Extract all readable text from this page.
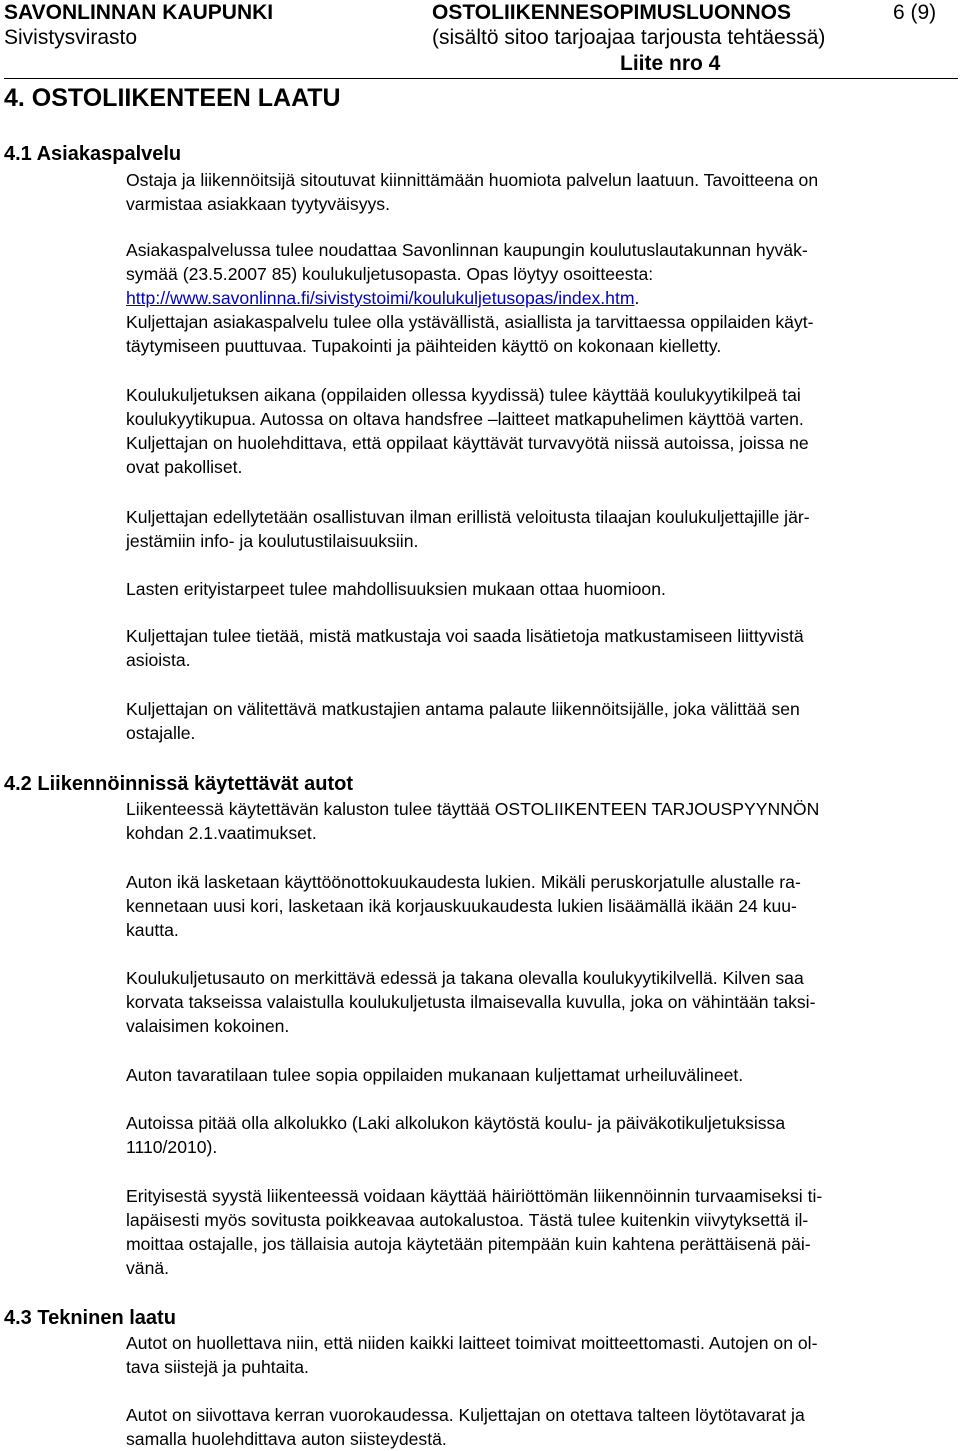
SAVONLINNAN KAUPUNKI
Sivistysvirasto
OSTOLIIKENNESOPIMUSLUONNOS	6 (9)
(sisältö sitoo tarjoajaa tarjousta tehtäessä)
Liite nro 4
4. OSTOLIIKENTEEN LAATU
4.1 Asiakaspalvelu
Ostaja ja liikennöitsijä sitoutuvat kiinnittämään huomiota palvelun laatuun. Tavoitteena on
varmistaa asiakkaan tyytyväisyys.
Asiakaspalvelussa tulee noudattaa Savonlinnan kaupungin koulutuslautakunnan hyväk-
symää (23.5.2007 85) koulukuljetusopasta. Opas löytyy osoitteesta:
http://www.savonlinna.fi/sivistystoimi/koulukuljetusopas/index.htm.
Kuljettajan asiakaspalvelu tulee olla ystävällistä, asiallista ja tarvittaessa oppilaiden käyt-
täytymiseen puuttuvaa. Tupakointi ja päihteiden käyttö on kokonaan kielletty.
Koulukuljetuksen aikana (oppilaiden ollessa kyydissä) tulee käyttää koulukyytikilpeä tai
koulukyytikupua. Autossa on oltava handsfree –laitteet matkapuhelimen käyttöä varten.
Kuljettajan on huolehdittava, että oppilaat käyttävät turvavyötä niissä autoissa, joissa ne
ovat pakolliset.
Kuljettajan edellytetään osallistuvan ilman erillistä veloitusta tilaajan koulukuljettajille jär-
jestämiin info- ja koulutustilaisuuksiin.
Lasten erityistarpeet tulee mahdollisuuksien mukaan ottaa huomioon.
Kuljettajan tulee tietää, mistä matkustaja voi saada lisätietoja matkustamiseen liittyvistä
asioista.
Kuljettajan on välitettävä matkustajien antama palaute liikennöitsijälle, joka välittää sen
ostajalle.
4.2 Liikennöinnissä käytettävät autot
Liikenteessä käytettävän kaluston tulee täyttää OSTOLIIKENTEEN TARJOUSPYYNNÖN
kohdan 2.1.vaatimukset.
Auton ikä lasketaan käyttöönottokuukaudesta lukien. Mikäli peruskorjatulle alustalle ra-
kennetaan uusi kori, lasketaan ikä korjauskuukaudesta lukien lisäämällä ikään 24 kuu-
kautta.
Koulukuljetusauto on merkittävä edessä ja takana olevalla koulukyytikilvellä. Kilven saa
korvata takseissa valaistulla koulukuljetusta ilmaisevalla kuvulla, joka on vähintään taksi-
valaisimen kokoinen.
Auton tavaratilaan tulee sopia oppilaiden mukanaan kuljettamat urheiluvälineet.
Autoissa pitää olla alkolukko (Laki alkolukon käytöstä koulu- ja päiväkotikuljetuksissa
1110/2010).
Erityisestä syystä liikenteessä voidaan käyttää häiriöttömän liikennöinnin turvaamiseksi ti-
lapäisesti myös sovitusta poikkeavaa autokalustoa. Tästä tulee kuitenkin viivytyksettä il-
moittaa ostajalle, jos tällaisia autoja käytetään pitempään kuin kahtena perättäisenä päi-
vänä.
4.3 Tekninen laatu
Autot on huollettava niin, että niiden kaikki laitteet toimivat moitteettomasti. Autojen on ol-
tava siistejä ja puhtaita.
Autot on siivottava kerran vuorokaudessa. Kuljettajan on otettava talteen löytötavarat ja
samalla huolehdittava auton siisteydestä.
